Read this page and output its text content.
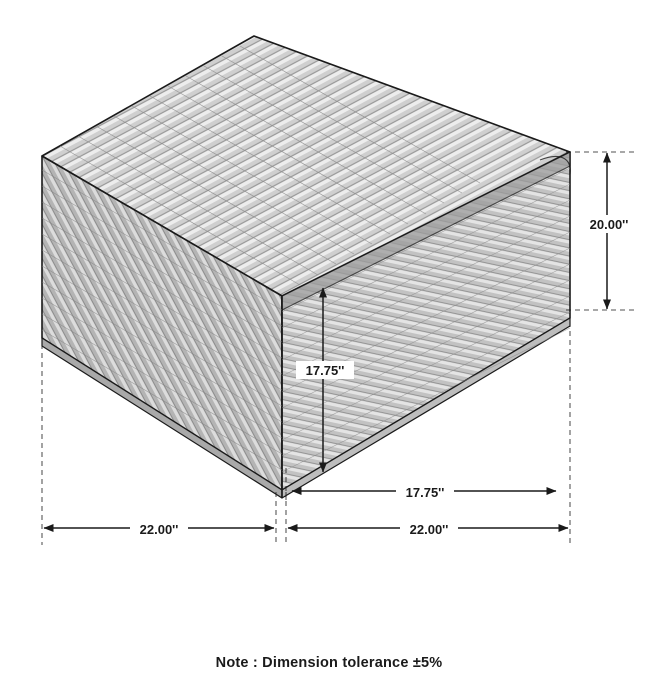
20.00''
17.75''
17.75''
22.00''	22.00''
Note : Dimension tolerance ±5%
